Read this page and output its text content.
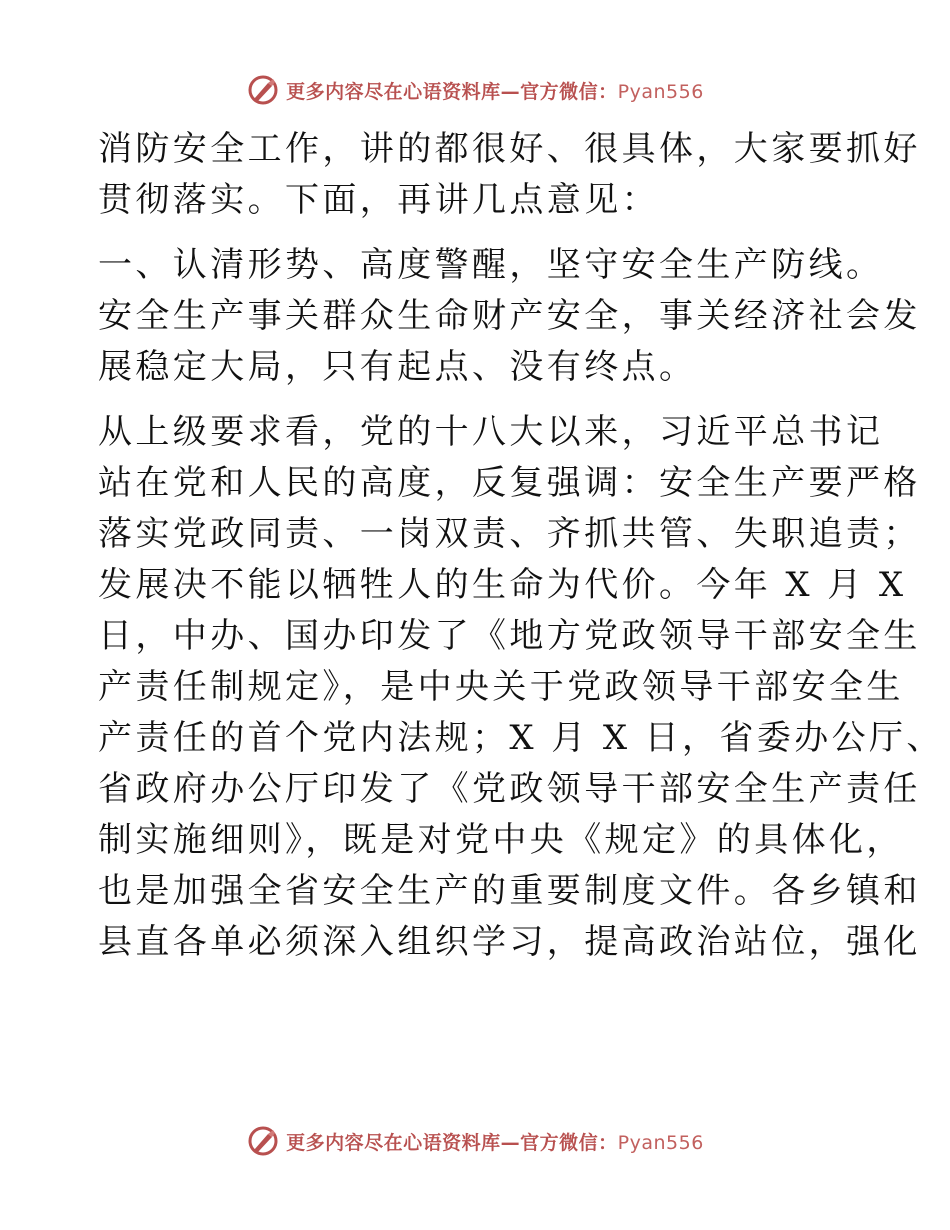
更多内容尽在心语资料库—官方微信：Pyan556

消防安全工作，讲的都很好、很具体，大家要抓好
贯彻落实。下面，再讲几点意见：

一、认清形势、高度警醒，坚守安全生产防线。
安全生产事关群众生命财产安全，事关经济社会发
展稳定大局，只有起点、没有终点。

从上级要求看，党的十八大以来，习近平总书记
站在党和人民的高度，反复强调：安全生产要严格
落实党政同责、一岗双责、齐抓共管、失职追责；
发展决不能以牺牲人的生命为代价。今年 X 月 X
日，中办、国办印发了《地方党政领导干部安全生
产责任制规定》，是中央关于党政领导干部安全生
产责任的首个党内法规；X 月 X 日，省委办公厅、
省政府办公厅印发了《党政领导干部安全生产责任
制实施细则》，既是对党中央《规定》的具体化，
也是加强全省安全生产的重要制度文件。各乡镇和
县直各单必须深入组织学习，提高政治站位，强化

更多内容尽在心语资料库—官方微信：Pyan556
